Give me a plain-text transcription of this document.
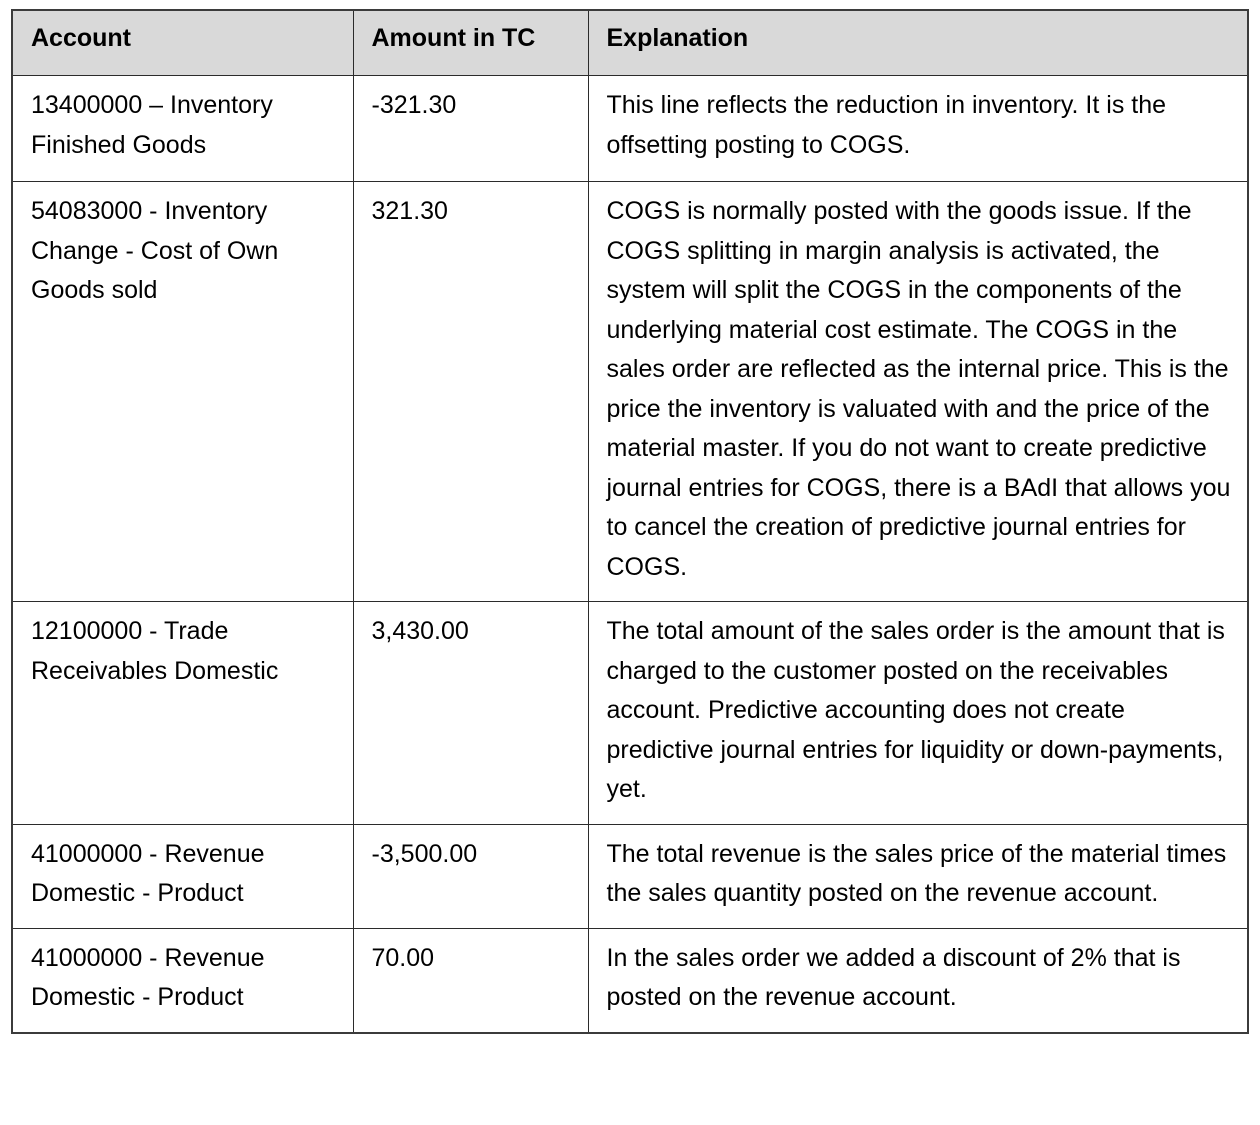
Account	Amount in TC	Explanation
13400000 – Inventory Finished Goods	-321.30	This line reflects the reduction in inventory. It is the offsetting posting to COGS.
54083000 - Inventory Change - Cost of Own Goods sold	321.30	COGS is normally posted with the goods issue. If the COGS splitting in margin analysis is activated, the system will split the COGS in the components of the underlying material cost estimate. The COGS in the sales order are reflected as the internal price. This is the price the inventory is valuated with and the price of the material master. If you do not want to create predictive journal entries for COGS, there is a BAdI that allows you to cancel the creation of predictive journal entries for COGS.
12100000 - Trade Receivables Domestic	3,430.00	The total amount of the sales order is the amount that is charged to the customer posted on the receivables account. Predictive accounting does not create predictive journal entries for liquidity or down-payments, yet.
41000000 - Revenue Domestic - Product	-3,500.00	The total revenue is the sales price of the material times the sales quantity posted on the revenue account.
41000000 - Revenue Domestic - Product	70.00	In the sales order we added a discount of 2% that is posted on the revenue account.
